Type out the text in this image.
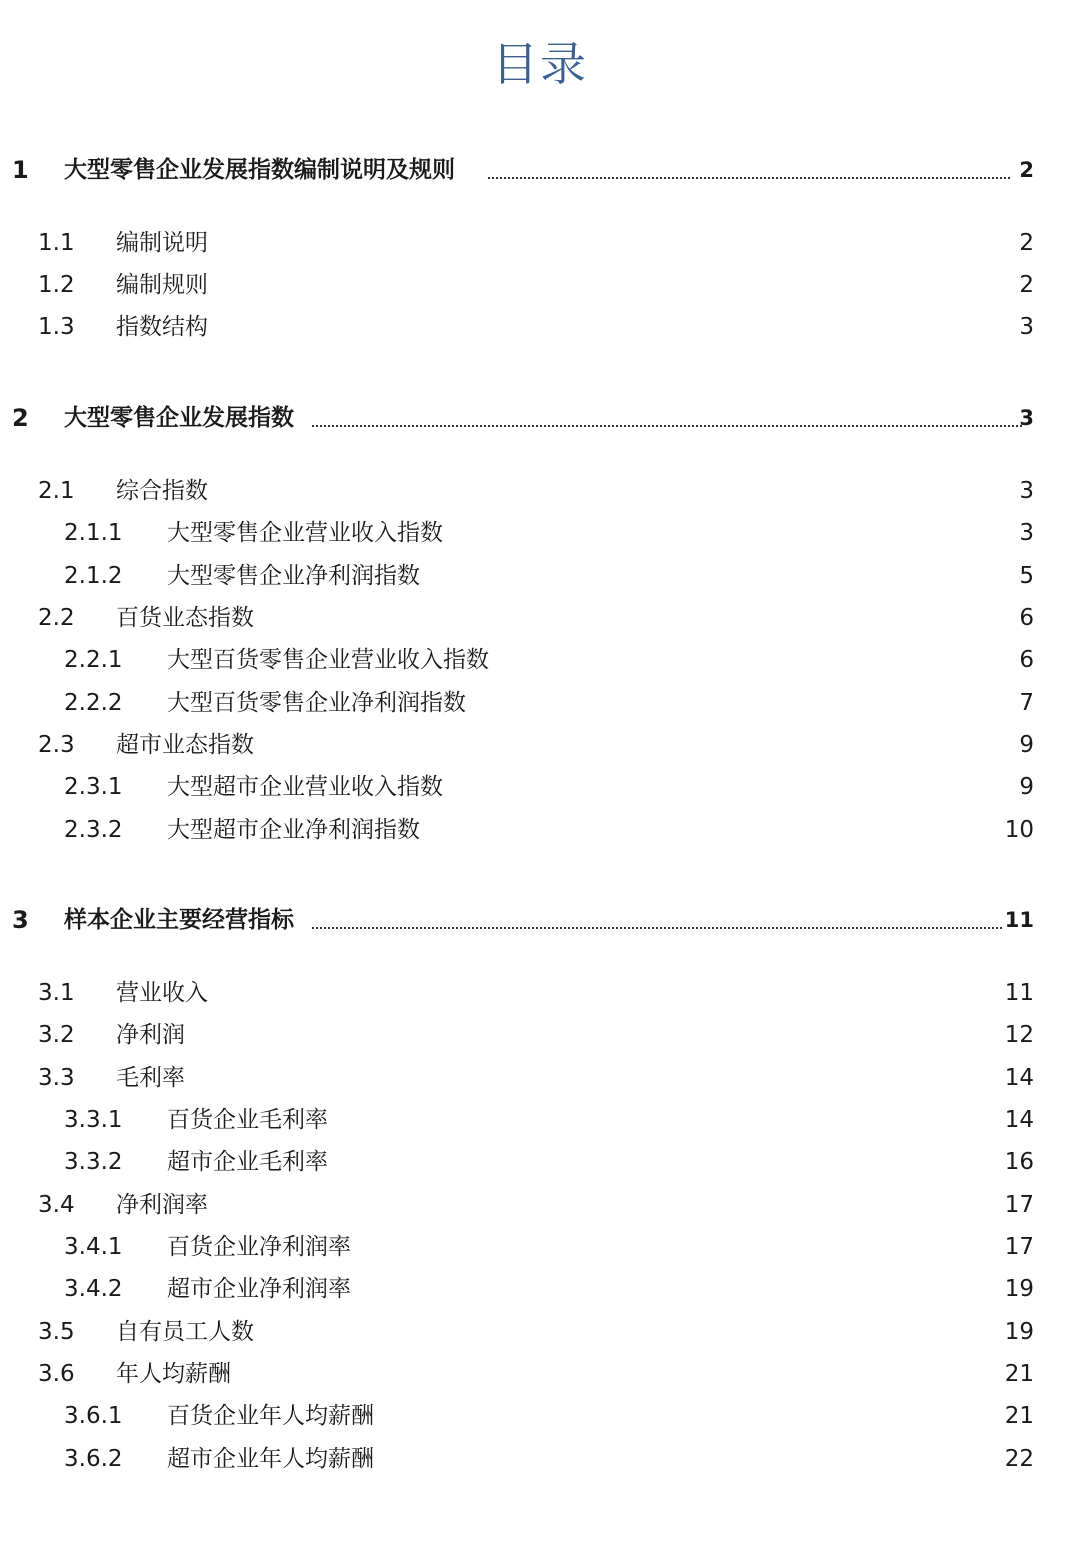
目录
1 大型零售企业发展指数编制说明及规则	2
1.1 编制说明	2
1.2 编制规则	2
1.3 指数结构	3
2 大型零售企业发展指数	3
2.1 综合指数	3
2.1.1 大型零售企业营业收入指数	3
2.1.2 大型零售企业净利润指数	5
2.2 百货业态指数	6
2.2.1 大型百货零售企业营业收入指数	6
2.2.2 大型百货零售企业净利润指数	7
2.3 超市业态指数	9
2.3.1 大型超市企业营业收入指数	9
2.3.2 大型超市企业净利润指数	10
3 样本企业主要经营指标	11
3.1 营业收入	11
3.2 净利润	12
3.3 毛利率	14
3.3.1 百货企业毛利率	14
3.3.2 超市企业毛利率	16
3.4 净利润率	17
3.4.1 百货企业净利润率	17
3.4.2 超市企业净利润率	19
3.5 自有员工人数	19
3.6 年人均薪酬	21
3.6.1 百货企业年人均薪酬	21
3.6.2 超市企业年人均薪酬	22
